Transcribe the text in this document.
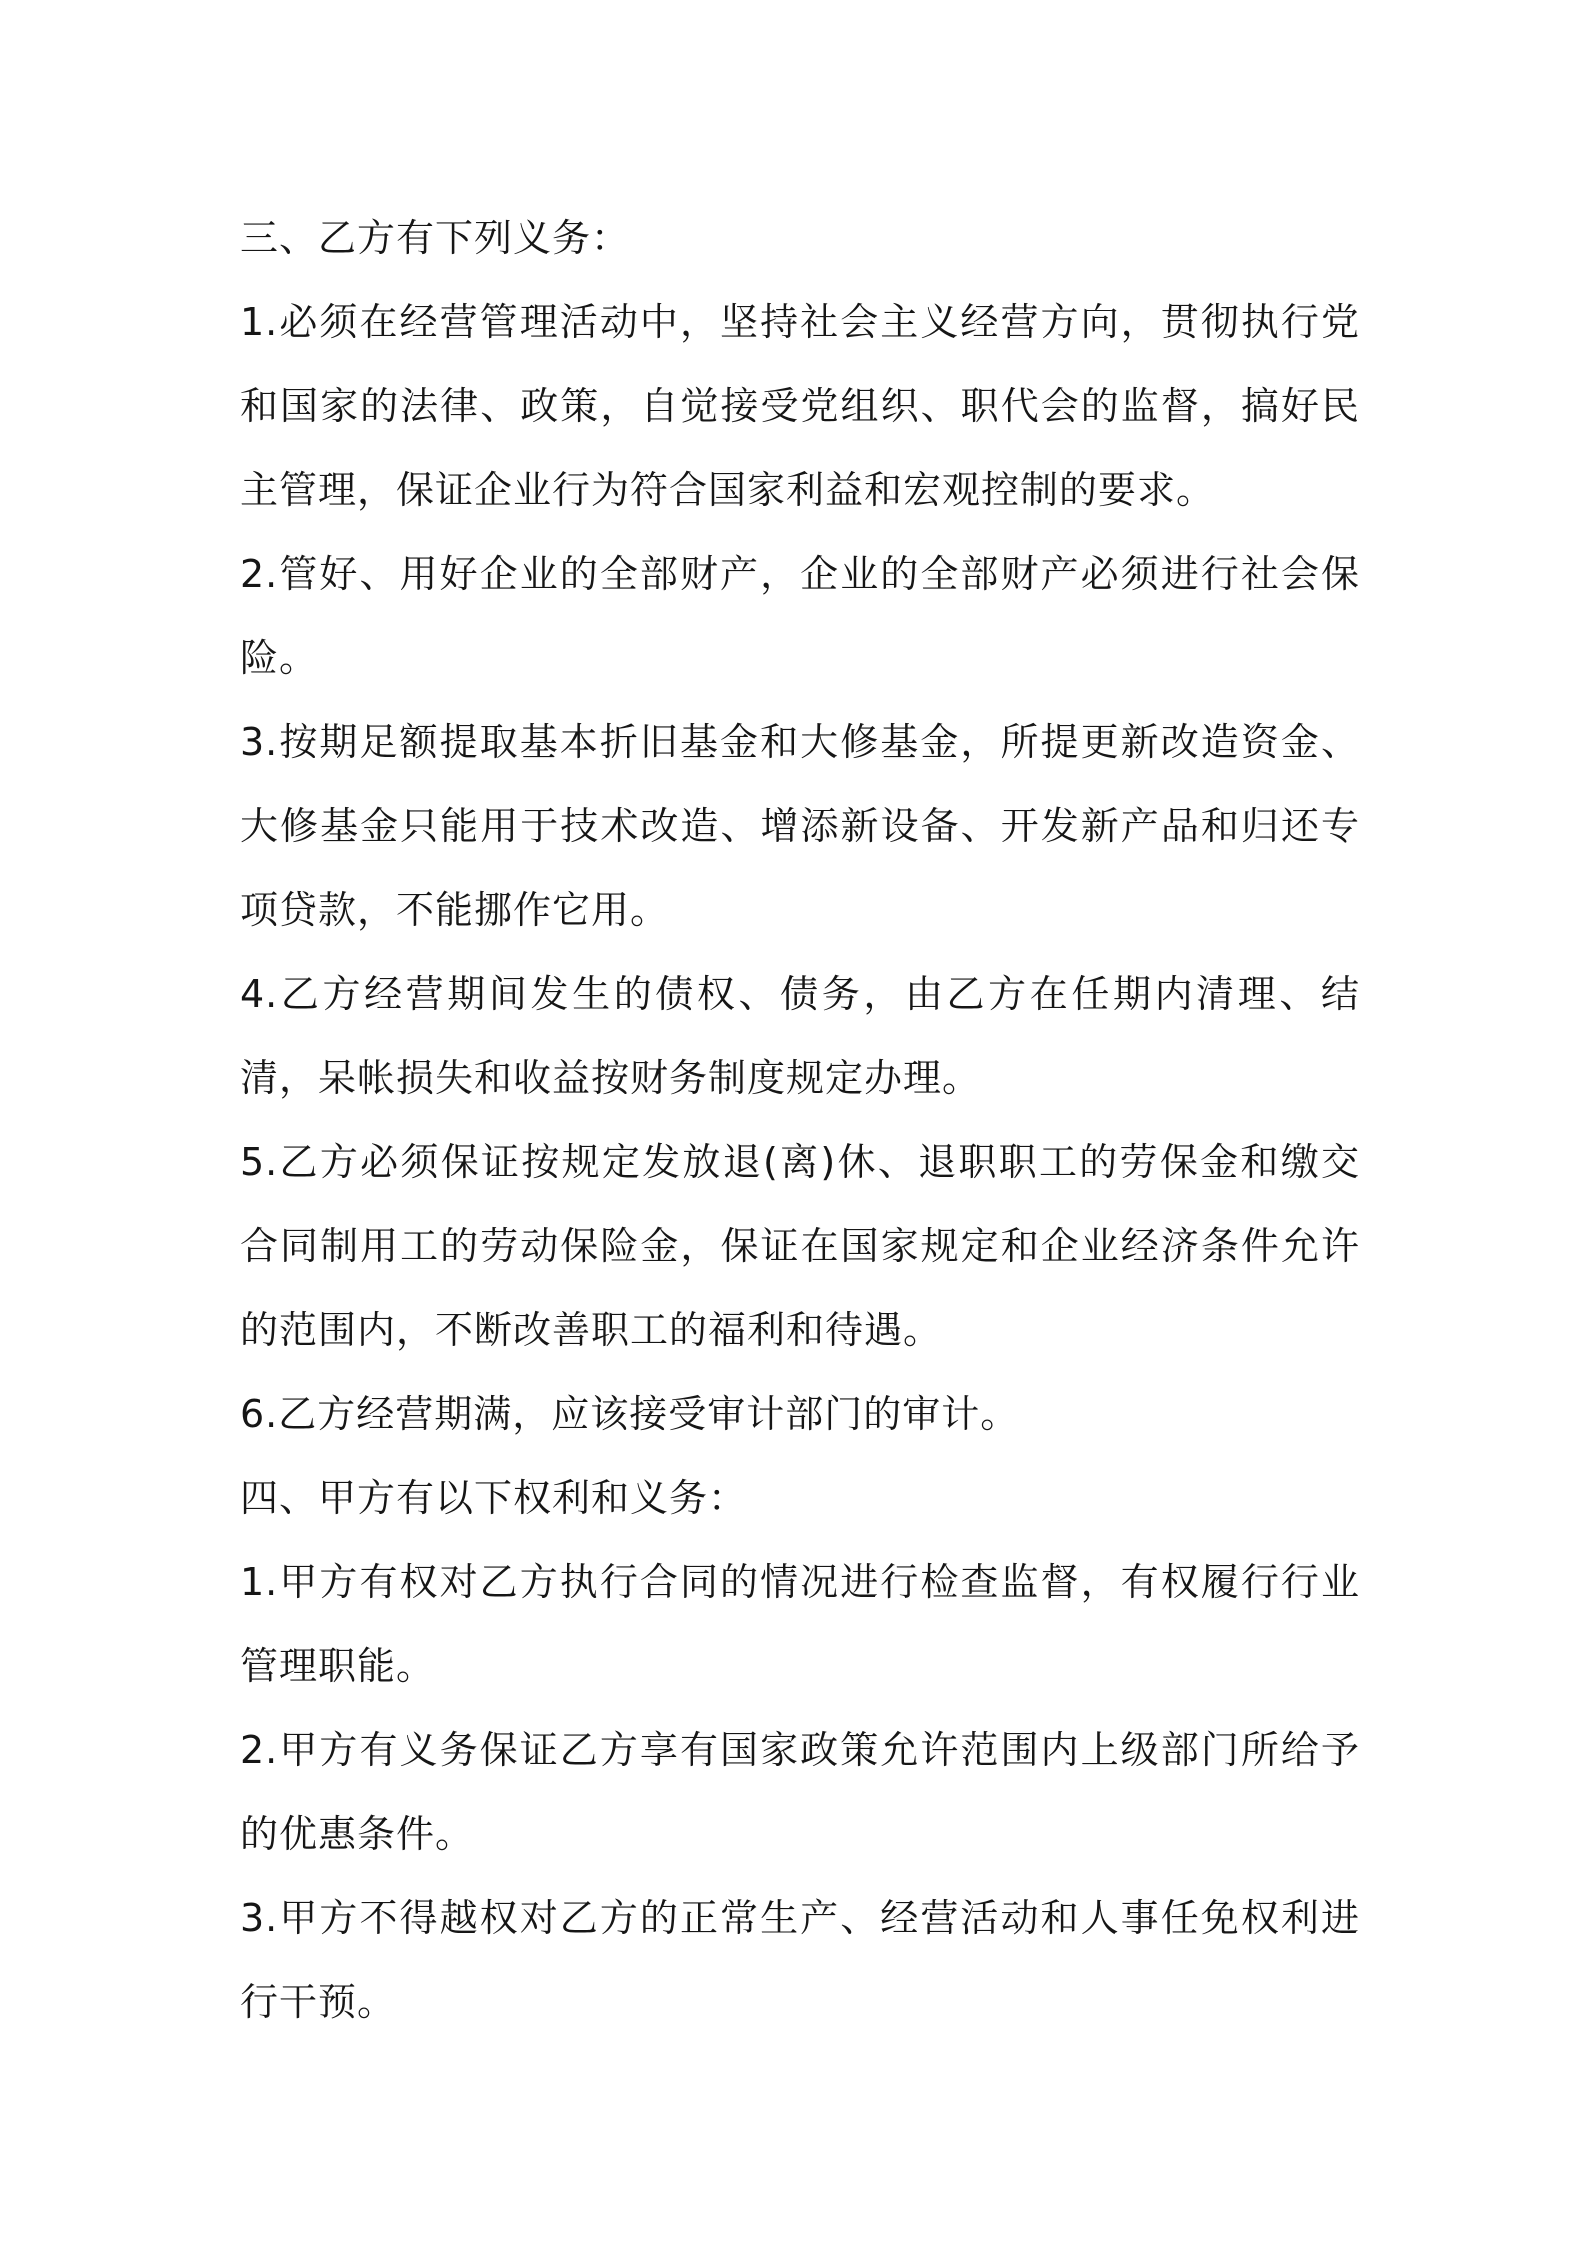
三、乙方有下列义务：

1.必须在经营管理活动中，坚持社会主义经营方向，贯彻执行党和国家的法律、政策，自觉接受党组织、职代会的监督，搞好民主管理，保证企业行为符合国家利益和宏观控制的要求。

2.管好、用好企业的全部财产，企业的全部财产必须进行社会保险。

3.按期足额提取基本折旧基金和大修基金，所提更新改造资金、大修基金只能用于技术改造、增添新设备、开发新产品和归还专项贷款，不能挪作它用。

4.乙方经营期间发生的债权、债务，由乙方在任期内清理、结清，呆帐损失和收益按财务制度规定办理。

5.乙方必须保证按规定发放退(离)休、退职职工的劳保金和缴交合同制用工的劳动保险金，保证在国家规定和企业经济条件允许的范围内，不断改善职工的福利和待遇。

6.乙方经营期满，应该接受审计部门的审计。

四、甲方有以下权利和义务：

1.甲方有权对乙方执行合同的情况进行检查监督，有权履行行业管理职能。

2.甲方有义务保证乙方享有国家政策允许范围内上级部门所给予的优惠条件。

3.甲方不得越权对乙方的正常生产、经营活动和人事任免权利进行干预。
